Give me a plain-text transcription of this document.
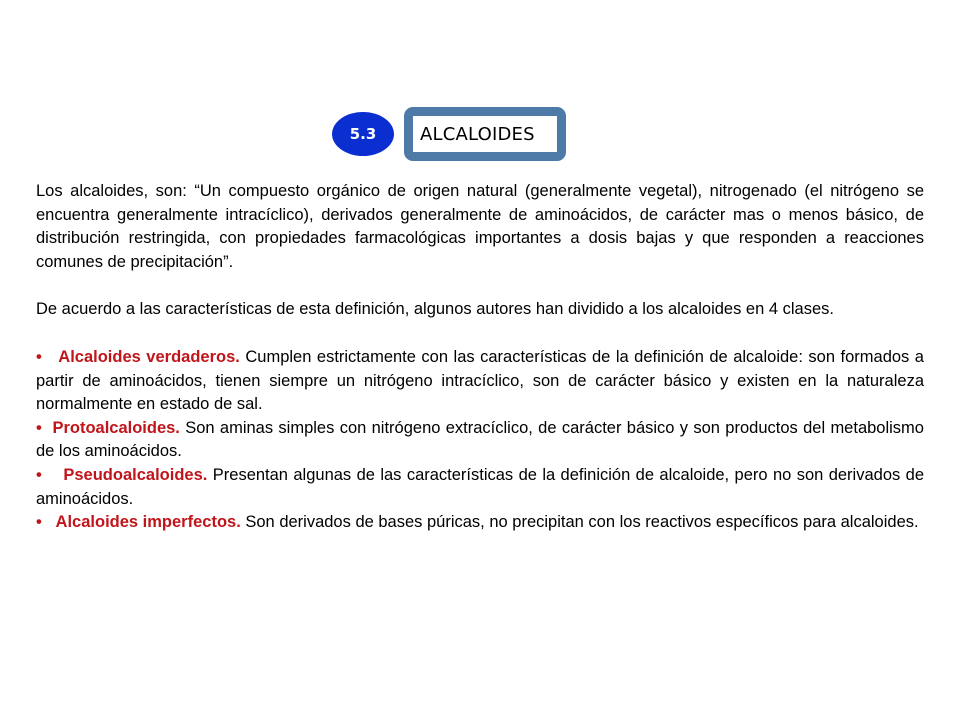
5.3	ALCALOIDES

Los alcaloides, son: “Un compuesto orgánico de origen natural (generalmente vegetal), nitrogenado (el nitrógeno se encuentra generalmente intracíclico), derivados generalmente de aminoácidos, de carácter mas o menos básico, de distribución restringida, con propiedades farmacológicas importantes a dosis bajas y que responden a reacciones comunes de precipitación”.

De acuerdo a las características de esta definición, algunos autores han dividido a los alcaloides en 4 clases.

• Alcaloides verdaderos. Cumplen estrictamente con las características de la definición de alcaloide: son formados a partir de aminoácidos, tienen siempre un nitrógeno intracíclico, son de carácter básico y existen en la naturaleza normalmente en estado de sal.

• Protoalcaloides. Son aminas simples con nitrógeno extracíclico, de carácter básico y son productos del metabolismo de los aminoácidos.

• Pseudoalcaloides. Presentan algunas de las características de la definición de alcaloide, pero no son derivados de aminoácidos.

• Alcaloides imperfectos. Son derivados de bases púricas, no precipitan con los reactivos específicos para alcaloides.
